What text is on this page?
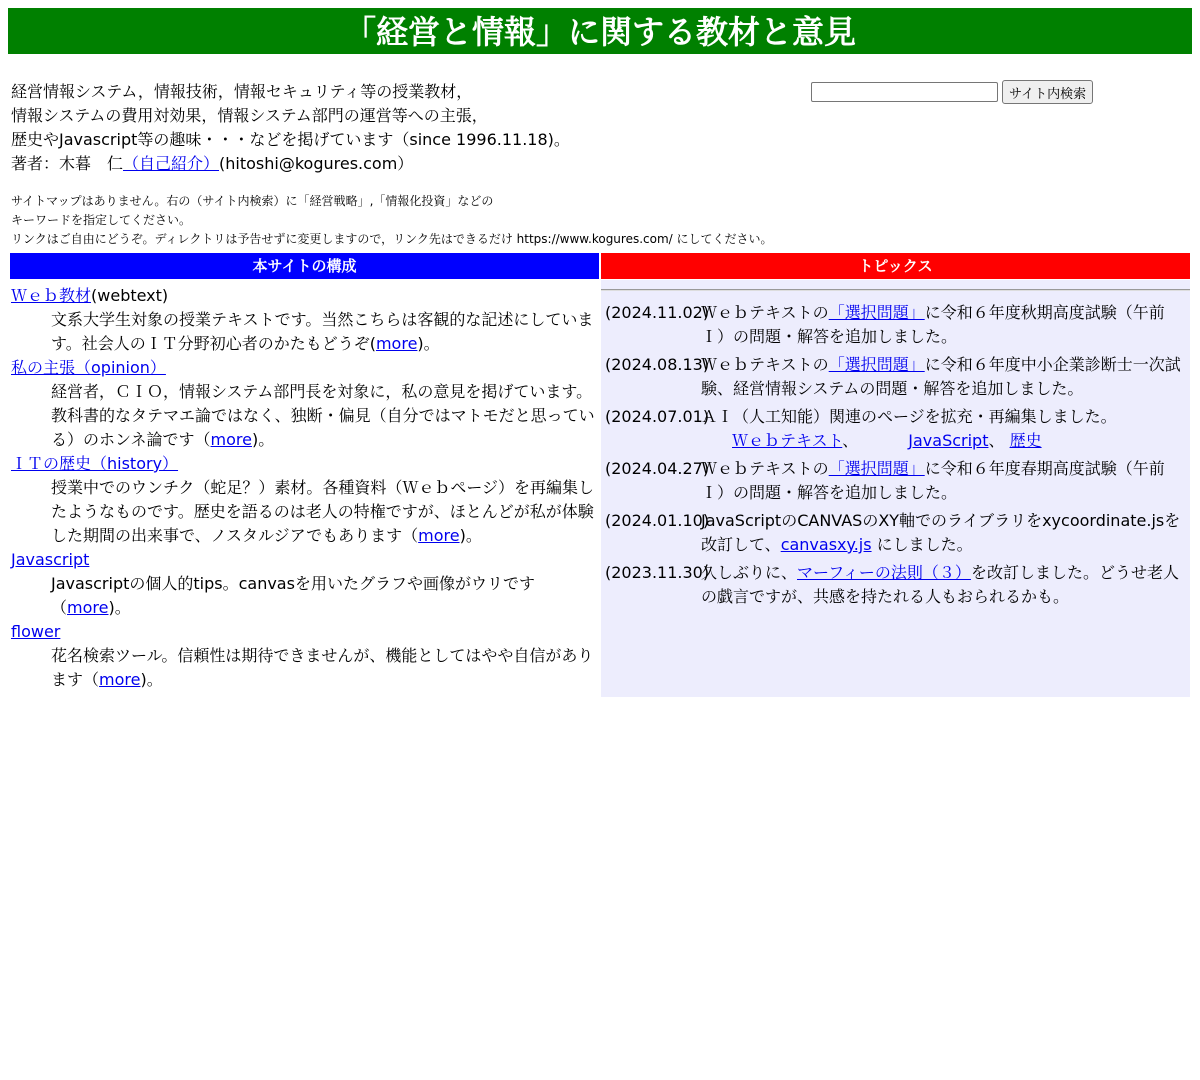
「経営と情報」に関する教材と意見
経営情報システム，情報技術，情報セキュリティ等の授業教材，
情報システムの費用対効果，情報システム部門の運営等への主張，
歴史やJavascript等の趣味・・・などを掲げています（since 1996.11.18)。
著者：木暮　仁（自己紹介）(hitoshi@kogures.com）
サイト内検索
サイトマップはありません。右の（サイト内検索）に「経営戦略」,「情報化投資」などの
キーワードを指定してください。
リンクはご自由にどうぞ。ディレクトリは予告せずに変更しますので，リンク先はできるだけ https://www.kogures.com/ にしてください。
本サイトの構成	トピックス
Ｗｅｂ教材(webtext)
文系大学生対象の授業テキストです。当然こちらは客観的な記述にしています。社会人のＩＴ分野初心者のかたもどうぞ(more)。
私の主張（opinion）
経営者，ＣＩＯ，情報システム部門長を対象に，私の意見を掲げています。教科書的なタテマエ論ではなく、独断・偏見（自分ではマトモだと思っている）のホンネ論です（more)。
ＩＴの歴史（history）
授業中でのウンチク（蛇足？）素材。各種資料（Ｗｅｂページ）を再編集したようなものです。歴史を語るのは老人の特権ですが、ほとんどが私が体験した期間の出来事で、ノスタルジアでもあります（more)。
Javascript
Javascriptの個人的tips。canvasを用いたグラフや画像がウリです　（more)。
flower
花名検索ツール。信頼性は期待できませんが、機能としてはやや自信があります（more)。
(2024.11.02)
Ｗｅｂテキストの「選択問題」に令和６年度秋期高度試験（午前Ｉ）の問題・解答を追加しました。
(2024.08.13)
Ｗｅｂテキストの「選択問題」に令和６年度中小企業診断士一次試験、経営情報システムの問題・解答を追加しました。
(2024.07.01)
ＡＩ（人工知能）関連のページを拡充・再編集しました。
Ｗｅｂテキスト、	JavaScript、 歴史
(2024.04.27)
Ｗｅｂテキストの「選択問題」に令和６年度春期高度試験（午前Ｉ）の問題・解答を追加しました。
(2024.01.10)
JavaScriptのCANVASのXY軸でのライブラリをxycoordinate.jsを改訂して、canvasxy.js にしました。
(2023.11.30)
久しぶりに、マーフィーの法則（３）を改訂しました。どうせ老人の戯言ですが、共感を持たれる人もおられるかも。
